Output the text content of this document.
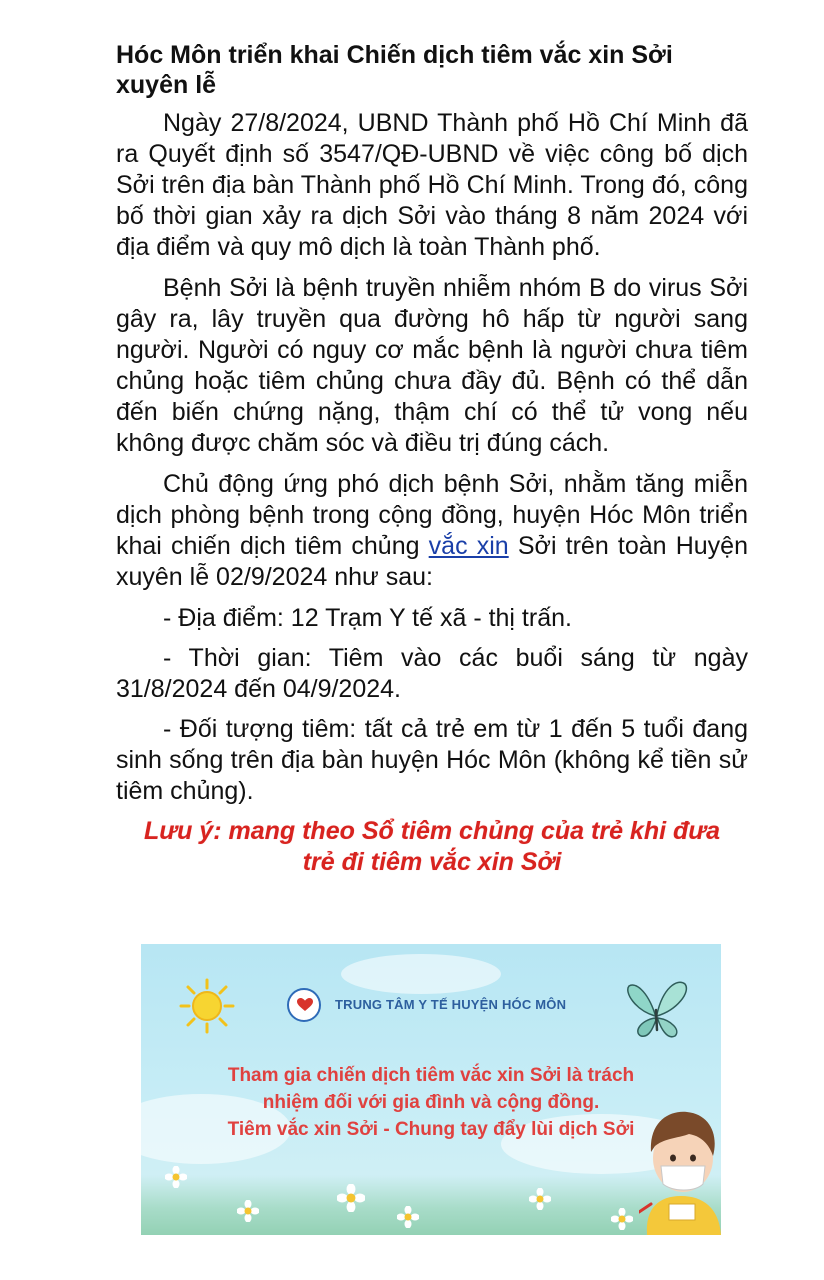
Hóc Môn triển khai Chiến dịch tiêm vắc xin Sởi xuyên lễ

Ngày 27/8/2024, UBND Thành phố Hồ Chí Minh đã ra Quyết định số 3547/QĐ-UBND về việc công bố dịch Sởi trên địa bàn Thành phố Hồ Chí Minh. Trong đó, công bố thời gian xảy ra dịch Sởi vào tháng 8 năm 2024 với địa điểm và quy mô dịch là toàn Thành phố.

Bệnh Sởi là bệnh truyền nhiễm nhóm B do virus Sởi gây ra, lây truyền qua đường hô hấp từ người sang người. Người có nguy cơ mắc bệnh là người chưa tiêm chủng hoặc tiêm chủng chưa đầy đủ. Bệnh có thể dẫn đến biến chứng nặng, thậm chí có thể tử vong nếu không được chăm sóc và điều trị đúng cách.

Chủ động ứng phó dịch bệnh Sởi, nhằm tăng miễn dịch phòng bệnh trong cộng đồng, huyện Hóc Môn triển khai chiến dịch tiêm chủng vắc xin Sởi trên toàn Huyện xuyên lễ 02/9/2024 như sau:

- Địa điểm: 12 Trạm Y tế xã - thị trấn.

- Thời gian: Tiêm vào các buổi sáng từ ngày 31/8/2024 đến 04/9/2024.

- Đối tượng tiêm: tất cả trẻ em từ 1 đến 5 tuổi đang sinh sống trên địa bàn huyện Hóc Môn (không kể tiền sử tiêm chủng).

Lưu ý: mang theo Sổ tiêm chủng của trẻ khi đưa
trẻ đi tiêm vắc xin Sởi
TRUNG TÂM Y TẾ HUYỆN HÓC MÔN
Tham gia chiến dịch tiêm vắc xin Sởi là trách
nhiệm đối với gia đình và cộng đồng.
Tiêm vắc xin Sởi - Chung tay đẩy lùi dịch Sởi
